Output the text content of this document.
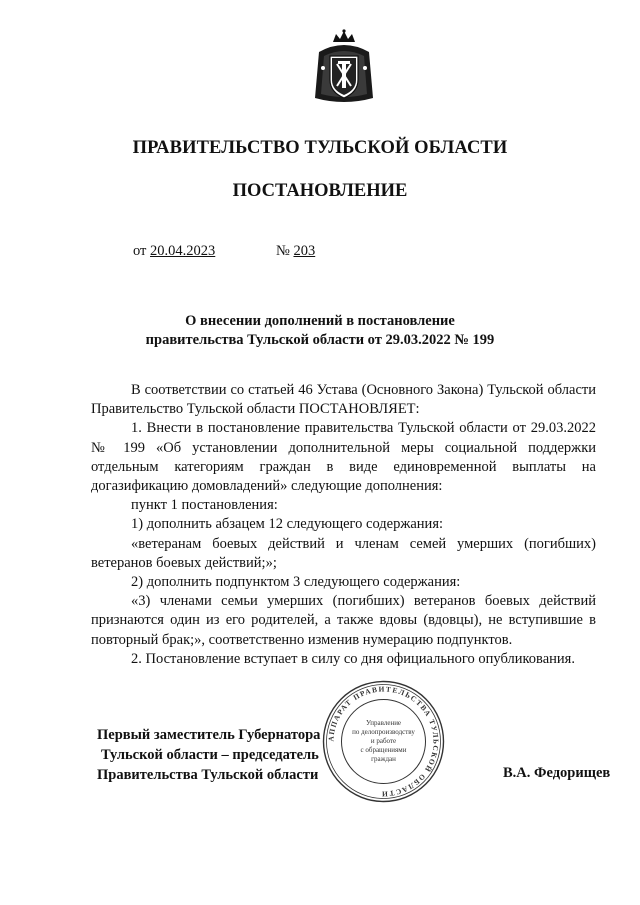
ПРАВИТЕЛЬСТВО ТУЛЬСКОЙ ОБЛАСТИ
ПОСТАНОВЛЕНИЕ
от 20.04.2023	№ 203
О внесении дополнений в постановление
правительства Тульской области от 29.03.2022 № 199

В соответствии со статьей 46 Устава (Основного Закона) Тульской области Правительство Тульской области ПОСТАНОВЛЯЕТ:

1. Внести в постановление правительства Тульской области от 29.03.2022 № 199 «Об установлении дополнительной меры социальной поддержки отдельным категориям граждан в виде единовременной выплаты на догазификацию домовладений» следующие дополнения:

пункт 1 постановления:

1) дополнить абзацем 12 следующего содержания:

«ветеранам боевых действий и членам семей умерших (погибших) ветеранов боевых действий;»;

2) дополнить подпунктом 3 следующего содержания:

«3) членами семьи умерших (погибших) ветеранов боевых действий признаются один из его родителей, а также вдовы (вдовцы), не вступившие в повторный брак;», соответственно изменив нумерацию подпунктов.

2. Постановление вступает в силу со дня официального опубликования.

Первый заместитель Губернатора
Тульской области – председатель
Правительства Тульской области	В.А. Федорищев
АППАРАТ ПРАВИТЕЛЬСТВА ТУЛЬСКОЙ ОБЛАСТИ
Управление
по делопроизводству
и работе
с обращениями
граждан
